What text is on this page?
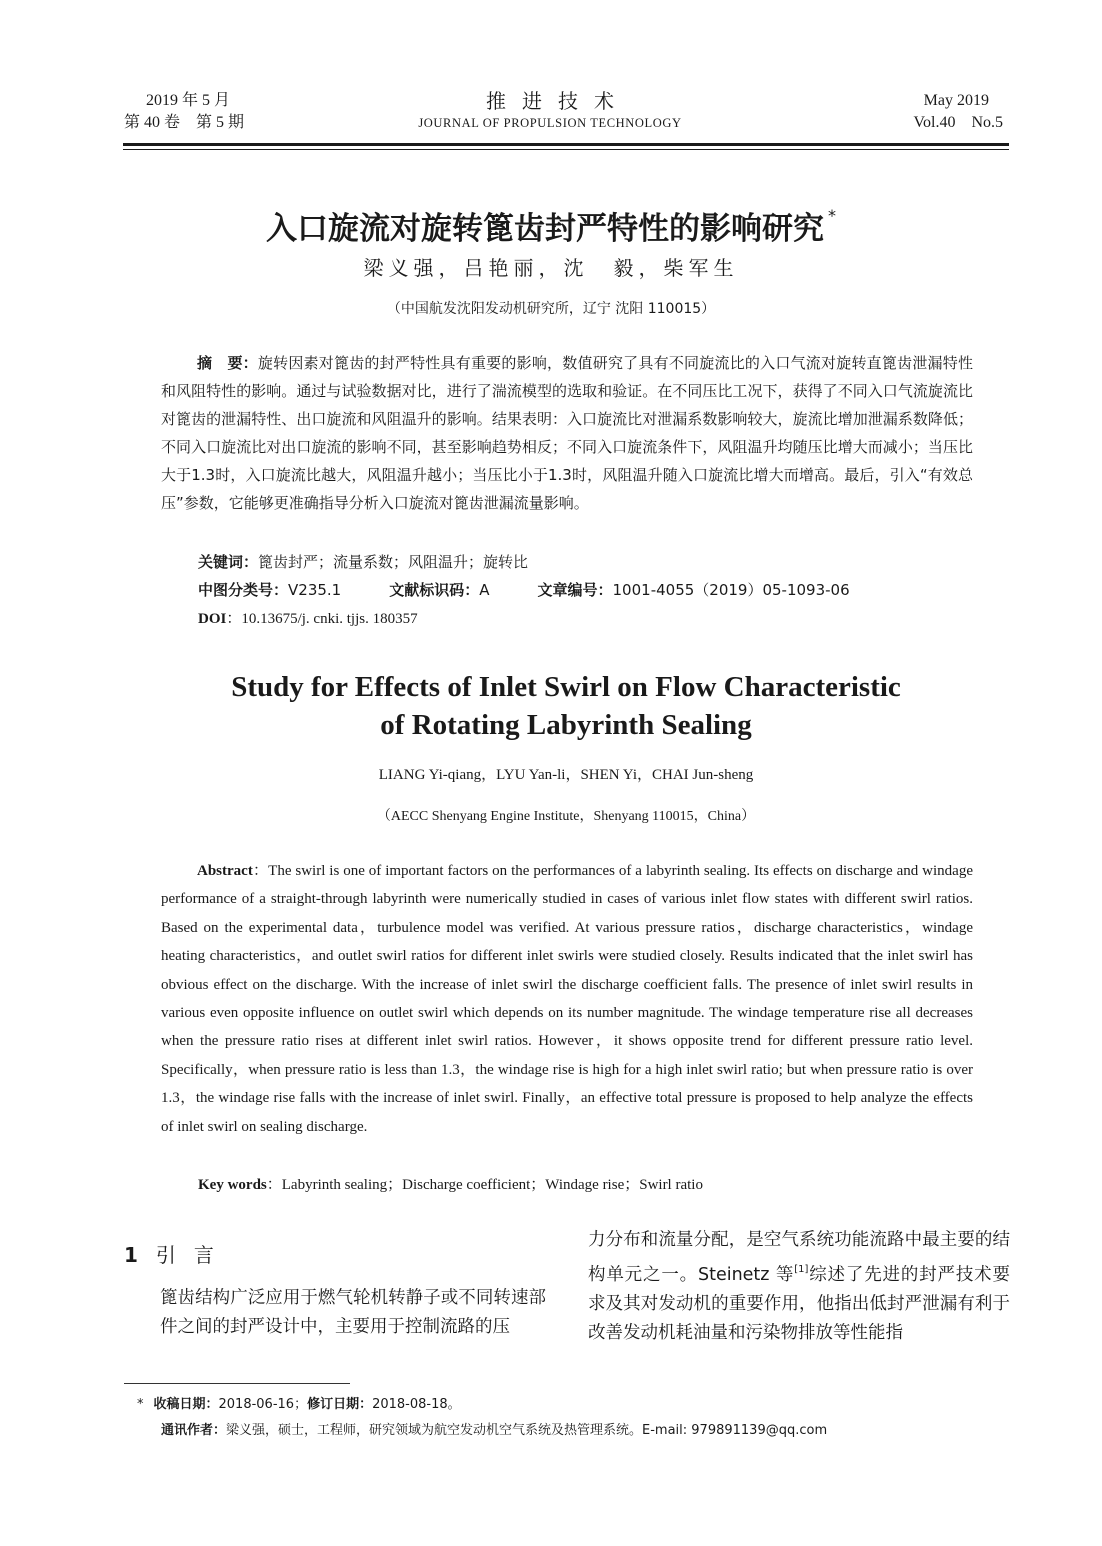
2019 年 5 月
第 40 卷　第 5 期
推进技术
JOURNAL OF PROPULSION TECHNOLOGY
May 2019
Vol.40　No.5
入口旋流对旋转篦齿封严特性的影响研究 *
梁义强，吕艳丽，沈　毅，柴军生
（中国航发沈阳发动机研究所，辽宁 沈阳 110015）
摘　要：旋转因素对篦齿的封严特性具有重要的影响，数值研究了具有不同旋流比的入口气流对旋转直篦齿泄漏特性和风阻特性的影响。通过与试验数据对比，进行了湍流模型的选取和验证。在不同压比工况下，获得了不同入口气流旋流比对篦齿的泄漏特性、出口旋流和风阻温升的影响。结果表明：入口旋流比对泄漏系数影响较大，旋流比增加泄漏系数降低；不同入口旋流比对出口旋流的影响不同，甚至影响趋势相反；不同入口旋流条件下，风阻温升均随压比增大而减小；当压比大于1.3时，入口旋流比越大，风阻温升越小；当压比小于1.3时，风阻温升随入口旋流比增大而增高。最后，引入“有效总压”参数，它能够更准确指导分析入口旋流对篦齿泄漏流量影响。
关键词：篦齿封严；流量系数；风阻温升；旋转比
中图分类号：V235.1	文献标识码：A	文章编号：1001-4055（2019）05-1093-06
DOI：10.13675/j. cnki. tjjs. 180357
Study for Effects of Inlet Swirl on Flow Characteristic
of Rotating Labyrinth Sealing
LIANG Yi-qiang，LYU Yan-li，SHEN Yi，CHAI Jun-sheng
（AECC Shenyang Engine Institute，Shenyang 110015，China）
Abstract：The swirl is one of important factors on the performances of a labyrinth sealing. Its effects on discharge and windage performance of a straight-through labyrinth were numerically studied in cases of various inlet flow states with different swirl ratios. Based on the experimental data，turbulence model was verified. At various pressure ratios，discharge characteristics，windage heating characteristics，and outlet swirl ratios for different inlet swirls were studied closely. Results indicated that the inlet swirl has obvious effect on the discharge. With the increase of inlet swirl the discharge coefficient falls. The presence of inlet swirl results in various even opposite influence on outlet swirl which depends on its number magnitude. The windage temperature rise all decreases when the pressure ratio rises at different inlet swirl ratios. However，it shows opposite trend for different pressure ratio level. Specifically，when pressure ratio is less than 1.3，the windage rise is high for a high inlet swirl ratio; but when pressure ratio is over 1.3，the windage rise falls with the increase of inlet swirl. Finally，an effective total pressure is proposed to help analyze the effects of inlet swirl on sealing discharge.
Key words：Labyrinth sealing；Discharge coefficient；Windage rise；Swirl ratio
1 引言
篦齿结构广泛应用于燃气轮机转静子或不同转速部件之间的封严设计中，主要用于控制流路的压
力分布和流量分配，是空气系统功能流路中最主要的结构单元之一。Steinetz 等[1]综述了先进的封严技术要求及其对发动机的重要作用，他指出低封严泄漏有利于改善发动机耗油量和污染物排放等性能指
* 收稿日期：2018-06-16；修订日期：2018-08-18。
通讯作者：梁义强，硕士，工程师，研究领域为航空发动机空气系统及热管理系统。E-mail: 979891139@qq.com
